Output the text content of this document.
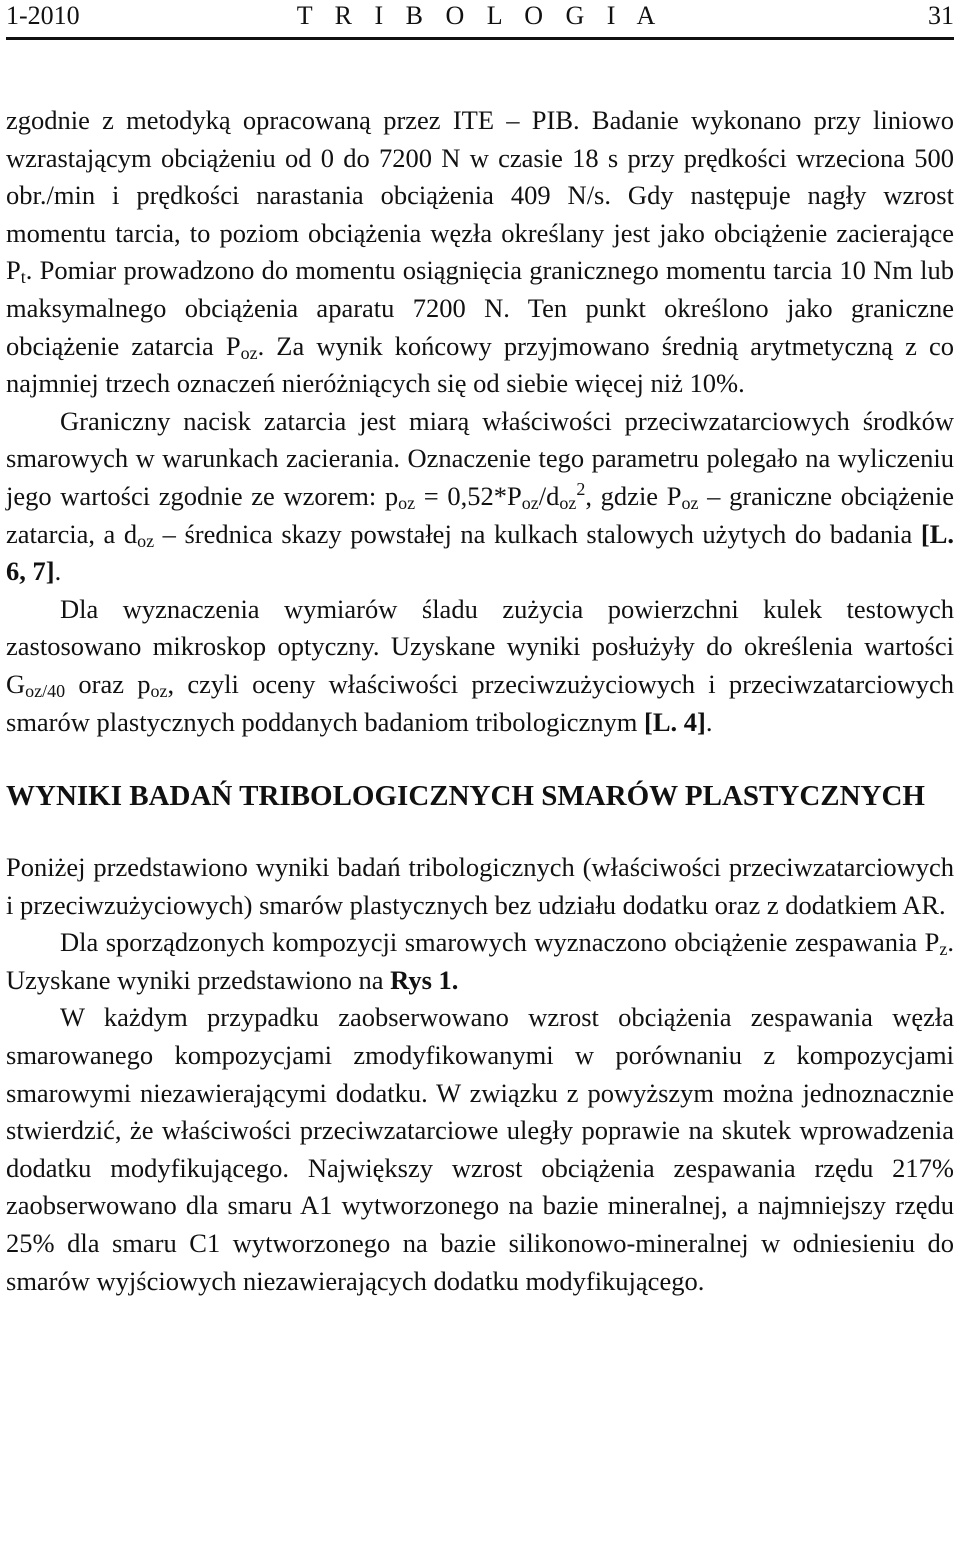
1-2010	T R I B O L O G I A	31

zgodnie z metodyką opracowaną przez ITE – PIB. Badanie wykonano przy liniowo wzrastającym obciążeniu od 0 do 7200 N w czasie 18 s przy prędkości wrzeciona 500 obr./min i prędkości narastania obciążenia 409 N/s. Gdy następuje nagły wzrost momentu tarcia, to poziom obciążenia węzła określany jest jako obciążenie zacierające $P_t$. Pomiar prowadzono do momentu osiągnięcia granicznego momentu tarcia 10 Nm lub maksymalnego obciążenia aparatu 7200 N. Ten punkt określono jako graniczne obciążenie zatarcia $P_{oz}$. Za wynik końcowy przyjmowano średnią arytmetyczną z co najmniej trzech oznaczeń nieróżniących się od siebie więcej niż 10%.

Graniczny nacisk zatarcia jest miarą właściwości przeciwzatarciowych środków smarowych w warunkach zacierania. Oznaczenie tego parametru polegało na wyliczeniu jego wartości zgodnie ze wzorem: $p_{oz} = 0,52*P_{oz}/d_{oz}^2$, gdzie $P_{oz}$ – graniczne obciążenie zatarcia, a $d_{oz}$ – średnica skazy powstałej na kulkach stalowych użytych do badania [L. 6, 7].

Dla wyznaczenia wymiarów śladu zużycia powierzchni kulek testowych zastosowano mikroskop optyczny. Uzyskane wyniki posłużyły do określenia wartości $G_{oz/40}$ oraz $p_{oz}$, czyli oceny właściwości przeciwzużyciowych i przeciwzatarciowych smarów plastycznych poddanych badaniom tribologicznym [L. 4].

WYNIKI BADAŃ TRIBOLOGICZNYCH SMARÓW PLASTYCZNYCH

Poniżej przedstawiono wyniki badań tribologicznych (właściwości przeciwzatarciowych i przeciwzużyciowych) smarów plastycznych bez udziału dodatku oraz z dodatkiem AR.

Dla sporządzonych kompozycji smarowych wyznaczono obciążenie zespawania $P_z$. Uzyskane wyniki przedstawiono na Rys 1.

W każdym przypadku zaobserwowano wzrost obciążenia zespawania węzła smarowanego kompozycjami zmodyfikowanymi w porównaniu z kompozycjami smarowymi niezawierającymi dodatku. W związku z powyższym można jednoznacznie stwierdzić, że właściwości przeciwzatarciowe uległy poprawie na skutek wprowadzenia dodatku modyfikującego. Największy wzrost obciążenia zespawania rzędu 217% zaobserwowano dla smaru A1 wytworzonego na bazie mineralnej, a najmniejszy rzędu 25% dla smaru C1 wytworzonego na bazie silikonowo-mineralnej w odniesieniu do smarów wyjściowych niezawierających dodatku modyfikującego.
